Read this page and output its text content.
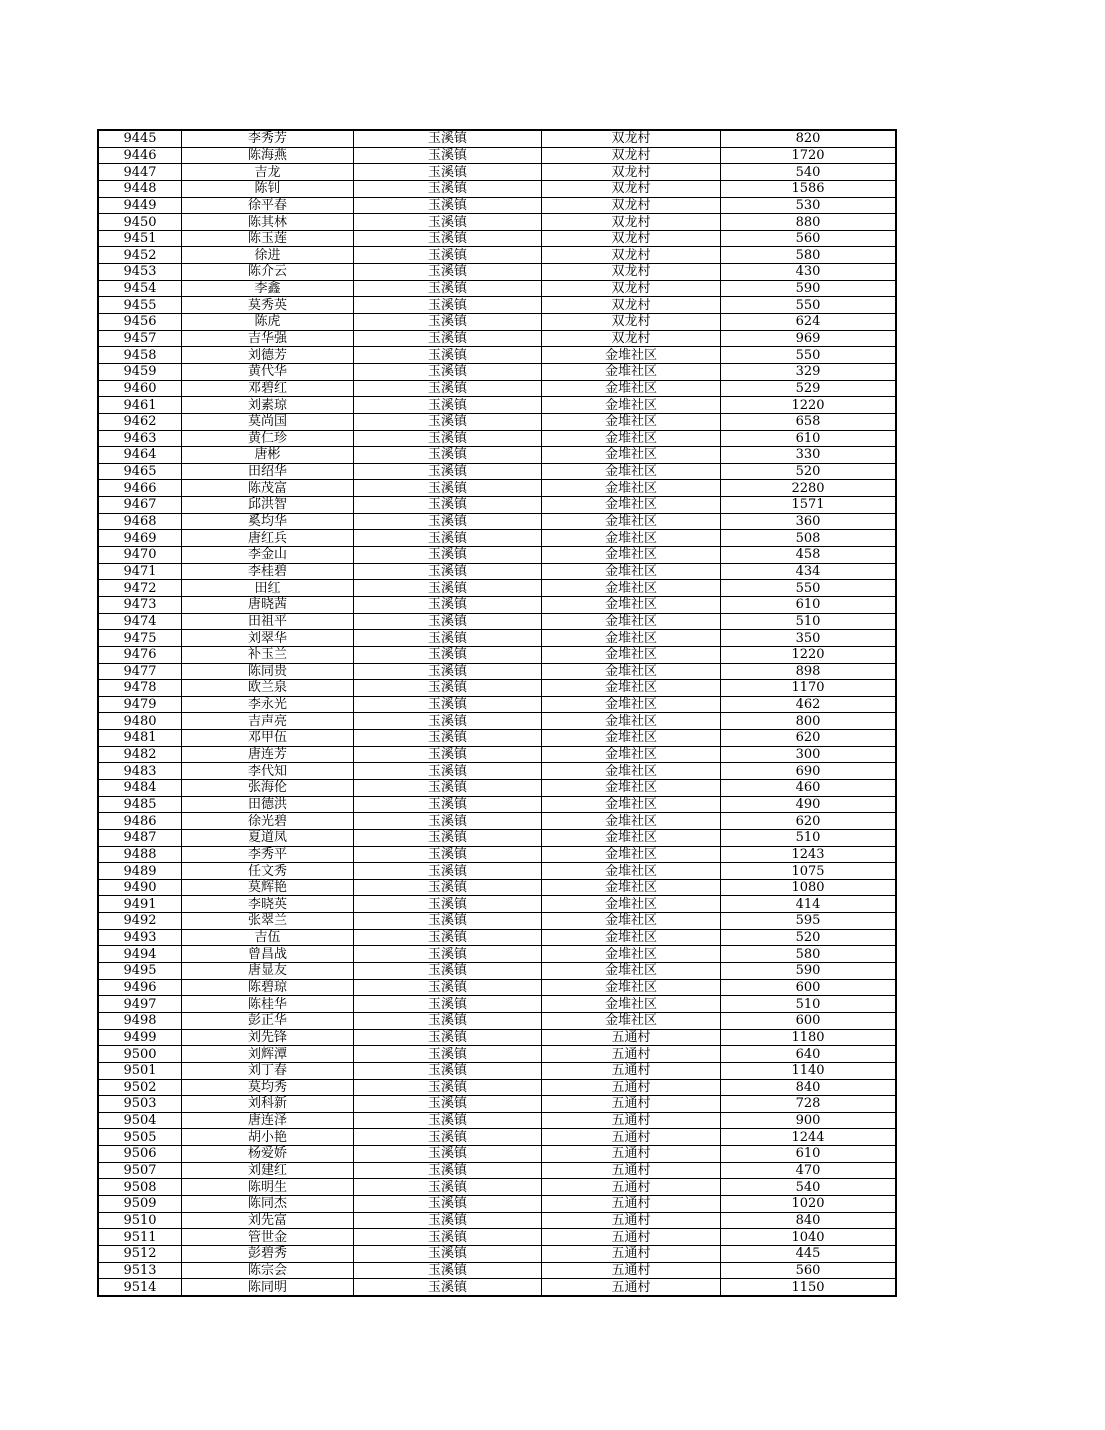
9445	李秀芳	玉溪镇	双龙村	820
9446	陈海燕	玉溪镇	双龙村	1720
9447	吉龙	玉溪镇	双龙村	540
9448	陈钊	玉溪镇	双龙村	1586
9449	徐平春	玉溪镇	双龙村	530
9450	陈其林	玉溪镇	双龙村	880
9451	陈玉莲	玉溪镇	双龙村	560
9452	徐进	玉溪镇	双龙村	580
9453	陈介云	玉溪镇	双龙村	430
9454	李鑫	玉溪镇	双龙村	590
9455	莫秀英	玉溪镇	双龙村	550
9456	陈虎	玉溪镇	双龙村	624
9457	吉华强	玉溪镇	双龙村	969
9458	刘德芳	玉溪镇	金堆社区	550
9459	黄代华	玉溪镇	金堆社区	329
9460	邓碧红	玉溪镇	金堆社区	529
9461	刘素琼	玉溪镇	金堆社区	1220
9462	莫尚国	玉溪镇	金堆社区	658
9463	黄仁珍	玉溪镇	金堆社区	610
9464	唐彬	玉溪镇	金堆社区	330
9465	田绍华	玉溪镇	金堆社区	520
9466	陈茂富	玉溪镇	金堆社区	2280
9467	邱洪智	玉溪镇	金堆社区	1571
9468	奚均华	玉溪镇	金堆社区	360
9469	唐红兵	玉溪镇	金堆社区	508
9470	李金山	玉溪镇	金堆社区	458
9471	李桂碧	玉溪镇	金堆社区	434
9472	田红	玉溪镇	金堆社区	550
9473	唐晓茜	玉溪镇	金堆社区	610
9474	田祖平	玉溪镇	金堆社区	510
9475	刘翠华	玉溪镇	金堆社区	350
9476	补玉兰	玉溪镇	金堆社区	1220
9477	陈同贵	玉溪镇	金堆社区	898
9478	欧兰泉	玉溪镇	金堆社区	1170
9479	李永光	玉溪镇	金堆社区	462
9480	吉声亮	玉溪镇	金堆社区	800
9481	邓甲伍	玉溪镇	金堆社区	620
9482	唐连芳	玉溪镇	金堆社区	300
9483	李代知	玉溪镇	金堆社区	690
9484	张海伦	玉溪镇	金堆社区	460
9485	田德洪	玉溪镇	金堆社区	490
9486	徐光碧	玉溪镇	金堆社区	620
9487	夏道凤	玉溪镇	金堆社区	510
9488	李秀平	玉溪镇	金堆社区	1243
9489	任文秀	玉溪镇	金堆社区	1075
9490	莫辉艳	玉溪镇	金堆社区	1080
9491	李晓英	玉溪镇	金堆社区	414
9492	张翠兰	玉溪镇	金堆社区	595
9493	吉伍	玉溪镇	金堆社区	520
9494	曾昌战	玉溪镇	金堆社区	580
9495	唐显友	玉溪镇	金堆社区	590
9496	陈碧琼	玉溪镇	金堆社区	600
9497	陈桂华	玉溪镇	金堆社区	510
9498	彭正华	玉溪镇	金堆社区	600
9499	刘先锋	玉溪镇	五通村	1180
9500	刘辉潭	玉溪镇	五通村	640
9501	刘丁春	玉溪镇	五通村	1140
9502	莫均秀	玉溪镇	五通村	840
9503	刘科新	玉溪镇	五通村	728
9504	唐连泽	玉溪镇	五通村	900
9505	胡小艳	玉溪镇	五通村	1244
9506	杨爱娇	玉溪镇	五通村	610
9507	刘建红	玉溪镇	五通村	470
9508	陈明生	玉溪镇	五通村	540
9509	陈同杰	玉溪镇	五通村	1020
9510	刘先富	玉溪镇	五通村	840
9511	管世金	玉溪镇	五通村	1040
9512	彭碧秀	玉溪镇	五通村	445
9513	陈宗会	玉溪镇	五通村	560
9514	陈同明	玉溪镇	五通村	1150
